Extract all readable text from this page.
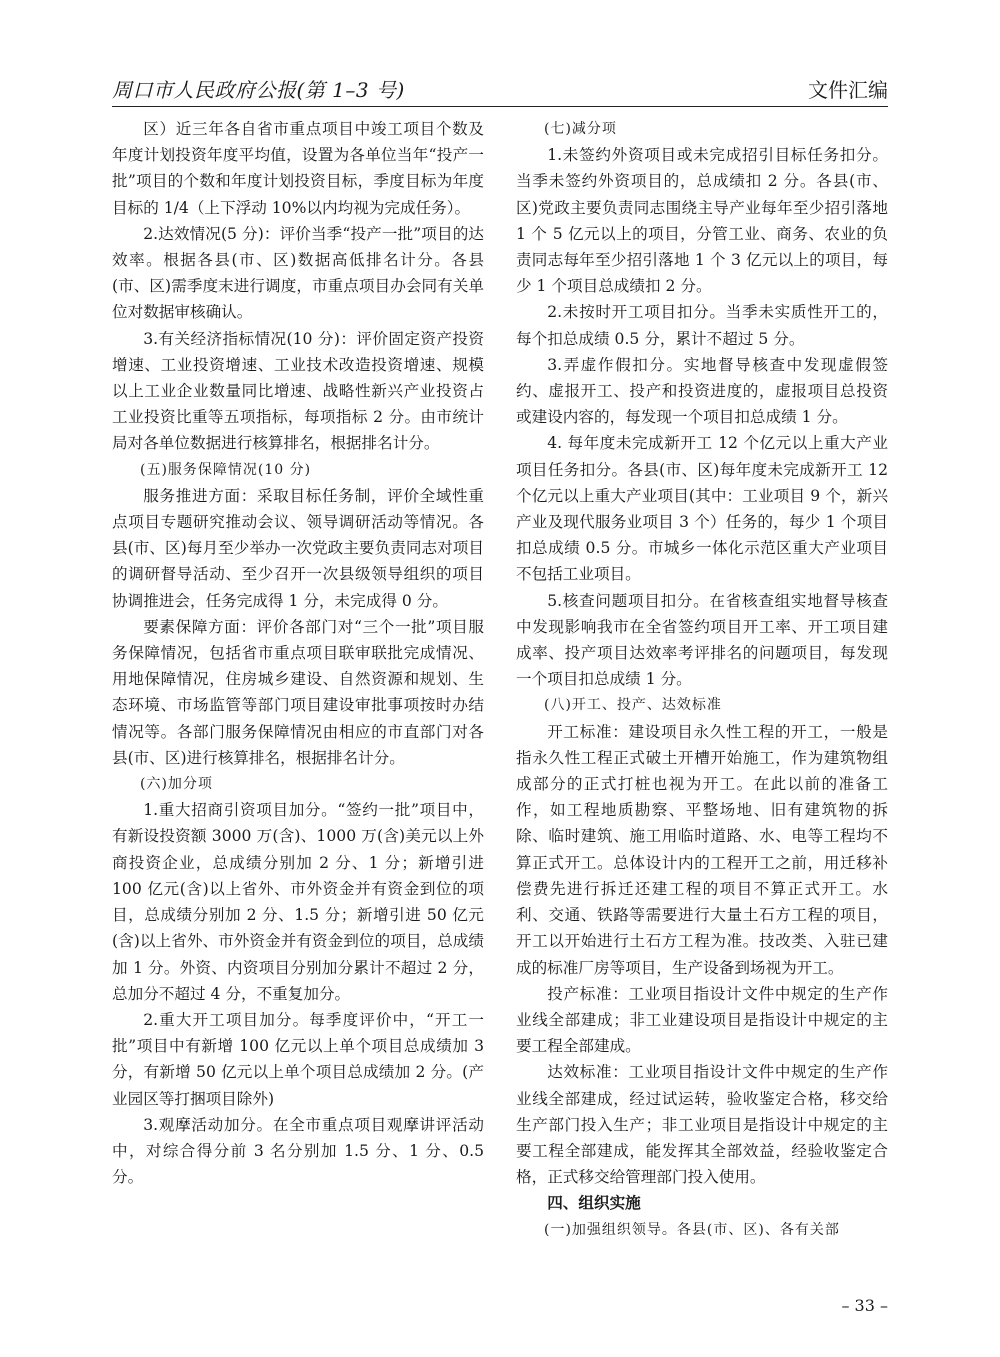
周口市人民政府公报(第 1–3 号)	文件汇编

区）近三年各自省市重点项目中竣工项目个数及年度计划投资年度平均值，设置为各单位当年“投产一批”项目的个数和年度计划投资目标，季度目标为年度目标的 1/4（上下浮动 10%以内均视为完成任务）。

2.达效情况(5 分)：评价当季“投产一批”项目的达效率。根据各县(市、区)数据高低排名计分。各县(市、区)需季度末进行调度，市重点项目办会同有关单位对数据审核确认。

3.有关经济指标情况(10 分)：评价固定资产投资增速、工业投资增速、工业技术改造投资增速、规模以上工业企业数量同比增速、战略性新兴产业投资占工业投资比重等五项指标，每项指标 2 分。由市统计局对各单位数据进行核算排名，根据排名计分。

(五)服务保障情况(10 分)

服务推进方面：采取目标任务制，评价全域性重点项目专题研究推动会议、领导调研活动等情况。各县(市、区)每月至少举办一次党政主要负责同志对项目的调研督导活动、至少召开一次县级领导组织的项目协调推进会，任务完成得 1 分，未完成得 0 分。

要素保障方面：评价各部门对“三个一批”项目服务保障情况，包括省市重点项目联审联批完成情况、用地保障情况，住房城乡建设、自然资源和规划、生态环境、市场监管等部门项目建设审批事项按时办结情况等。各部门服务保障情况由相应的市直部门对各县(市、区)进行核算排名，根据排名计分。

(六)加分项

1.重大招商引资项目加分。“签约一批”项目中，有新设投资额 3000 万(含)、1000 万(含)美元以上外商投资企业，总成绩分别加 2 分、1 分；新增引进 100 亿元(含)以上省外、市外资金并有资金到位的项目，总成绩分别加 2 分、1.5 分；新增引进 50 亿元(含)以上省外、市外资金并有资金到位的项目，总成绩加 1 分。外资、内资项目分别加分累计不超过 2 分，总加分不超过 4 分，不重复加分。

2.重大开工项目加分。每季度评价中，“开工一批”项目中有新增 100 亿元以上单个项目总成绩加 3 分，有新增 50 亿元以上单个项目总成绩加 2 分。(产业园区等打捆项目除外)

3.观摩活动加分。在全市重点项目观摩讲评活动中，对综合得分前 3 名分别加 1.5 分、1 分、0.5 分。

(七)减分项

1.未签约外资项目或未完成招引目标任务扣分。当季未签约外资项目的，总成绩扣 2 分。各县(市、区)党政主要负责同志围绕主导产业每年至少招引落地 1 个 5 亿元以上的项目，分管工业、商务、农业的负责同志每年至少招引落地 1 个 3 亿元以上的项目，每少 1 个项目总成绩扣 2 分。

2.未按时开工项目扣分。当季未实质性开工的，每个扣总成绩 0.5 分，累计不超过 5 分。

3.弄虚作假扣分。实地督导核查中发现虚假签约、虚报开工、投产和投资进度的，虚报项目总投资或建设内容的，每发现一个项目扣总成绩 1 分。

4. 每年度未完成新开工 12 个亿元以上重大产业项目任务扣分。各县(市、区)每年度未完成新开工 12 个亿元以上重大产业项目(其中：工业项目 9 个，新兴产业及现代服务业项目 3 个）任务的，每少 1 个项目扣总成绩 0.5 分。市城乡一体化示范区重大产业项目不包括工业项目。

5.核查问题项目扣分。在省核查组实地督导核查中发现影响我市在全省签约项目开工率、开工项目建成率、投产项目达效率考评排名的问题项目，每发现一个项目扣总成绩 1 分。

(八)开工、投产、达效标准

开工标准：建设项目永久性工程的开工，一般是指永久性工程正式破土开槽开始施工，作为建筑物组成部分的正式打桩也视为开工。在此以前的准备工作，如工程地质勘察、平整场地、旧有建筑物的拆除、临时建筑、施工用临时道路、水、电等工程均不算正式开工。总体设计内的工程开工之前，用迁移补偿费先进行拆迁还建工程的项目不算正式开工。水利、交通、铁路等需要进行大量土石方工程的项目，开工以开始进行土石方工程为准。技改类、入驻已建成的标准厂房等项目，生产设备到场视为开工。

投产标准：工业项目指设计文件中规定的生产作业线全部建成；非工业建设项目是指设计中规定的主要工程全部建成。

达效标准：工业项目指设计文件中规定的生产作业线全部建成，经过试运转，验收鉴定合格，移交给生产部门投入生产；非工业项目是指设计中规定的主要工程全部建成，能发挥其全部效益，经验收鉴定合格，正式移交给管理部门投入使用。

四、组织实施

(一)加强组织领导。各县(市、区)、各有关部

– 33 –
